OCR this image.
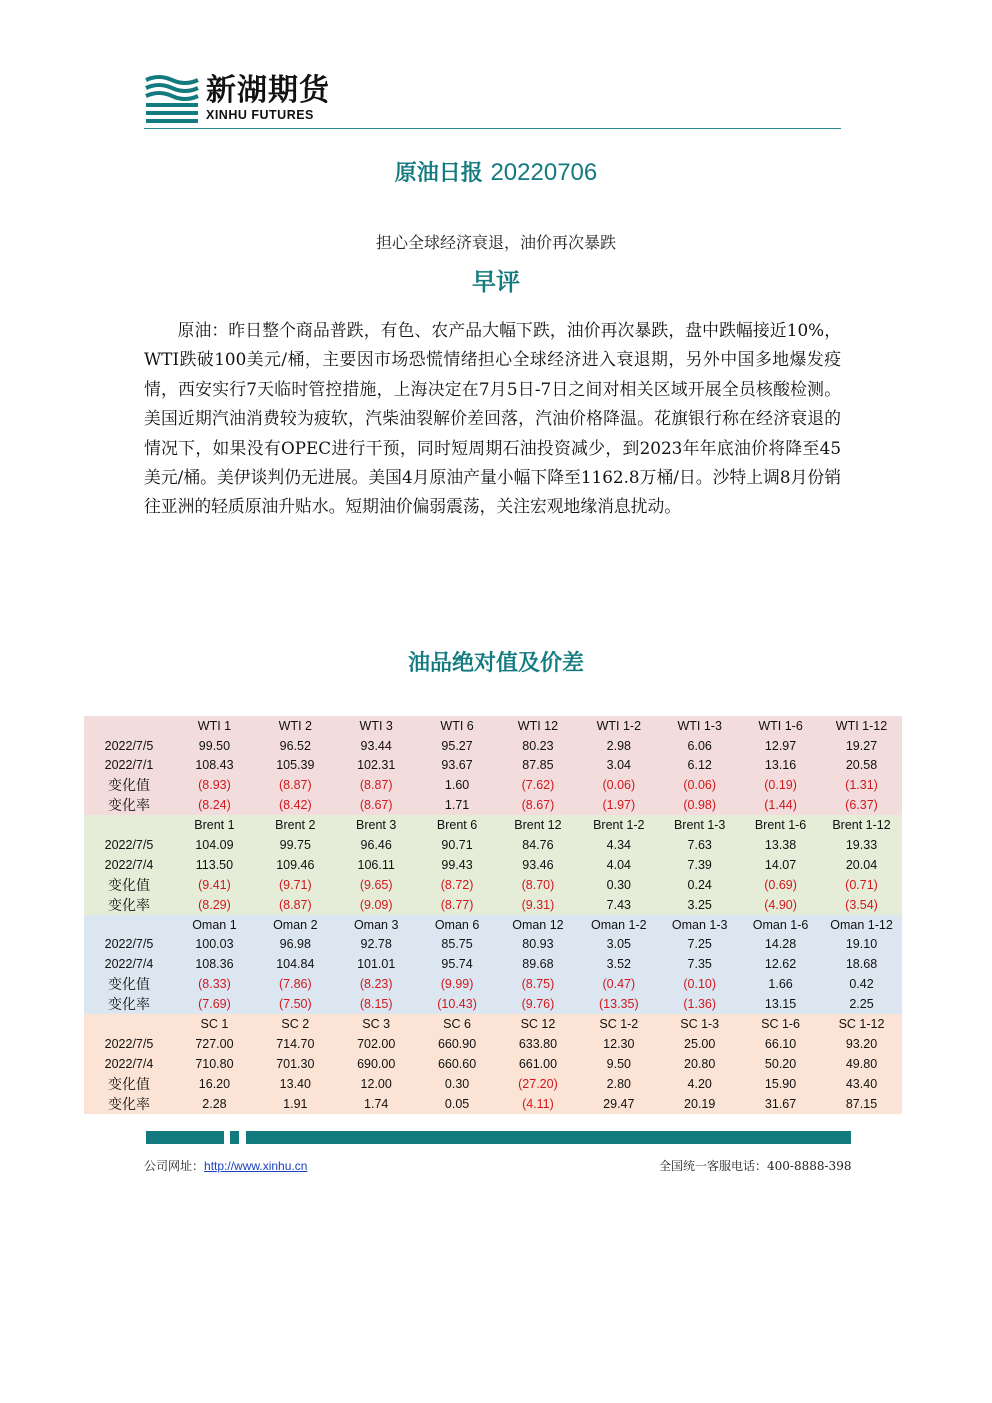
新湖期货
XINHU FUTURES
原油日报 20220706
担心全球经济衰退，油价再次暴跌
早评

原油：昨日整个商品普跌，有色、农产品大幅下跌，油价再次暴跌，盘中跌幅接近10%，WTI跌破100美元/桶，主要因市场恐慌情绪担心全球经济进入衰退期，另外中国多地爆发疫情，西安实行7天临时管控措施，上海决定在7月5日-7日之间对相关区域开展全员核酸检测。美国近期汽油消费较为疲软，汽柴油裂解价差回落，汽油价格降温。花旗银行称在经济衰退的情况下，如果没有OPEC进行干预，同时短周期石油投资减少，到2023年年底油价将降至45美元/桶。美伊谈判仍无进展。美国4月原油产量小幅下降至1162.8万桶/日。沙特上调8月份销往亚洲的轻质原油升贴水。短期油价偏弱震荡，关注宏观地缘消息扰动。

油品绝对值及价差
	WTI 1	WTI 2	WTI 3	WTI 6	WTI 12	WTI 1-2	WTI 1-3	WTI 1-6	WTI 1-12
2022/7/5	99.50	96.52	93.44	95.27	80.23	2.98	6.06	12.97	19.27
2022/7/1	108.43	105.39	102.31	93.67	87.85	3.04	6.12	13.16	20.58
变化值	(8.93)	(8.87)	(8.87)	1.60	(7.62)	(0.06)	(0.06)	(0.19)	(1.31)
变化率	(8.24)	(8.42)	(8.67)	1.71	(8.67)	(1.97)	(0.98)	(1.44)	(6.37)
	Brent 1	Brent 2	Brent 3	Brent 6	Brent 12	Brent 1-2	Brent 1-3	Brent 1-6	Brent 1-12
2022/7/5	104.09	99.75	96.46	90.71	84.76	4.34	7.63	13.38	19.33
2022/7/4	113.50	109.46	106.11	99.43	93.46	4.04	7.39	14.07	20.04
变化值	(9.41)	(9.71)	(9.65)	(8.72)	(8.70)	0.30	0.24	(0.69)	(0.71)
变化率	(8.29)	(8.87)	(9.09)	(8.77)	(9.31)	7.43	3.25	(4.90)	(3.54)
	Oman 1	Oman 2	Oman 3	Oman 6	Oman 12	Oman 1-2	Oman 1-3	Oman 1-6	Oman 1-12
2022/7/5	100.03	96.98	92.78	85.75	80.93	3.05	7.25	14.28	19.10
2022/7/4	108.36	104.84	101.01	95.74	89.68	3.52	7.35	12.62	18.68
变化值	(8.33)	(7.86)	(8.23)	(9.99)	(8.75)	(0.47)	(0.10)	1.66	0.42
变化率	(7.69)	(7.50)	(8.15)	(10.43)	(9.76)	(13.35)	(1.36)	13.15	2.25
	SC 1	SC 2	SC 3	SC 6	SC 12	SC 1-2	SC 1-3	SC 1-6	SC 1-12
2022/7/5	727.00	714.70	702.00	660.90	633.80	12.30	25.00	66.10	93.20
2022/7/4	710.80	701.30	690.00	660.60	661.00	9.50	20.80	50.20	49.80
变化值	16.20	13.40	12.00	0.30	(27.20)	2.80	4.20	15.90	43.40
变化率	2.28	1.91	1.74	0.05	(4.11)	29.47	20.19	31.67	87.15
公司网址：http://www.xinhu.cn	全国统一客服电话：400-8888-398
